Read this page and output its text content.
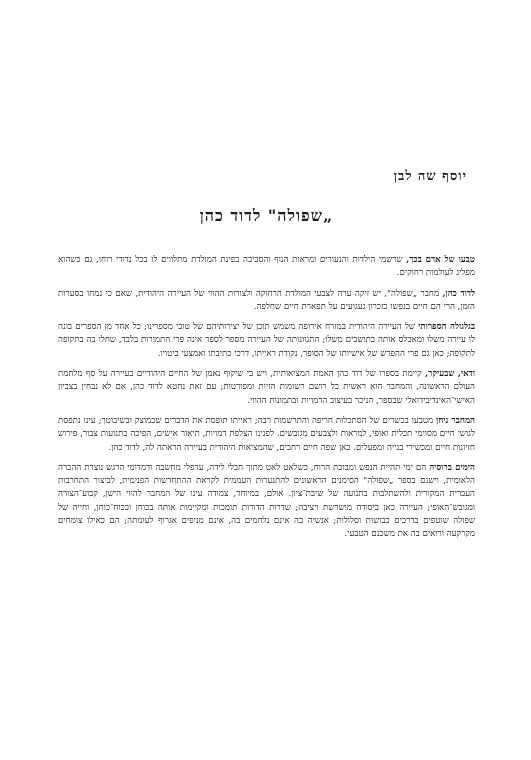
יוסף שה לבן
„שפולה" לדוד כהן

טבעו של אדם בכך, שרשמי הילדות והנעורים ומראות הנוף והסביבה בפינת המולדת מתלווים לו בכל נדודי רוחו, גם כשהוא מפליג לעולמות רחוקים.

לדוד כהן, מחבר „שפולה", יש זיקה ערה לצבעי המולדת הרחוקה ולצורות ההווי של העיירה היהודית, שאם כי נמחו בסערות הזמן, הרי הם חיים בנפשו כזכרון געגועים על תפארת חיים שחלפה.

בגלגולה הספרותי של העיירה היהודית במזרח אירופה משמש תוכן של יצירותיהם של טובי מספרינו; כל אחד מן הספרים בונה לו עיירה משלו ומאכלס אותה בתושבים משלו; התגוונותה של העיירה מספר לספר אינה פרי התמורות בלבד, שחלו בה בתקופה לתקופה; כאן גם פרי ההפרש של אישיותו של הסופר, נקודת ראייתו, דרכי כתיבתו ואמצעי ביטויו.

ודאי, שבעיקר, קיימת בספרו של דוד כהן האמת המציאותית, ויש בי שיקוף נאמן של החיים היהודיים בעיירה על סף מלחמת העולם הראשונה, והמחבר הוא ראשית כל רושם רשומות הזיות ומפורטות; עם זאת נחטא לדוד כהן, אם לא נבחין בצביון האישי־האינדיבידואלי שבספר, הניכר בעיצוב הדמויות ובתמונות ההווי.

המחבר ניחן מטבעו בכשרים של הסתכלות חריפה והתרשמות רבה; ראייתו תופסת את הדברים שבמוצק ובשיבוטך; עינו נתפסת לגושי חיים מסוימי תכלית ואופי, למראות ולצבעים מגובשים. לפנינו הצלפת דמויות, תיאור אישים, הפיכה בתנועות צבור, פירוש חזיונות חיים ומכשירי בנייה ומפעלים. כאן שפה חיים רחבים, שהמציאות היהודית בעיירה הראתה לה, לדוד כהן.

הימים ברוסיה הם ימי תהיית הנפש ומבוכת הרוח, כשלאט לאט מתוך חבלי לידה, ערפלי מחשבה ודמדומי הרגש נוצרת ההכרה הלאומית, וישנם בספר „שפולה" הסימנים הראשונים להתנערות העממית לקראת ההתחדשות הפנימית, לביצור התחרבות העברית המקורית ולהשתלבות בתנועה של שיבת־ציון. אולם, במיוחד, צמודה עינו של המחבר להווי הישן, קבוע־הצורה ומגובש־האופי; העיירה כאן ביסודה מושרשת ויציבה; שדרות הדורות תומכות ומקיימות אותה בכוחן ובכוח־כוחן, וחייה של שפולה שוטפים בדרכים כבושות וסלולות; אנשיה בה אינם נלחמים בה, אינם מניפים אגרוף לעומתה; הם כאילו צומחים מקרקעה ורואים בה את משכנם הטבעי.
